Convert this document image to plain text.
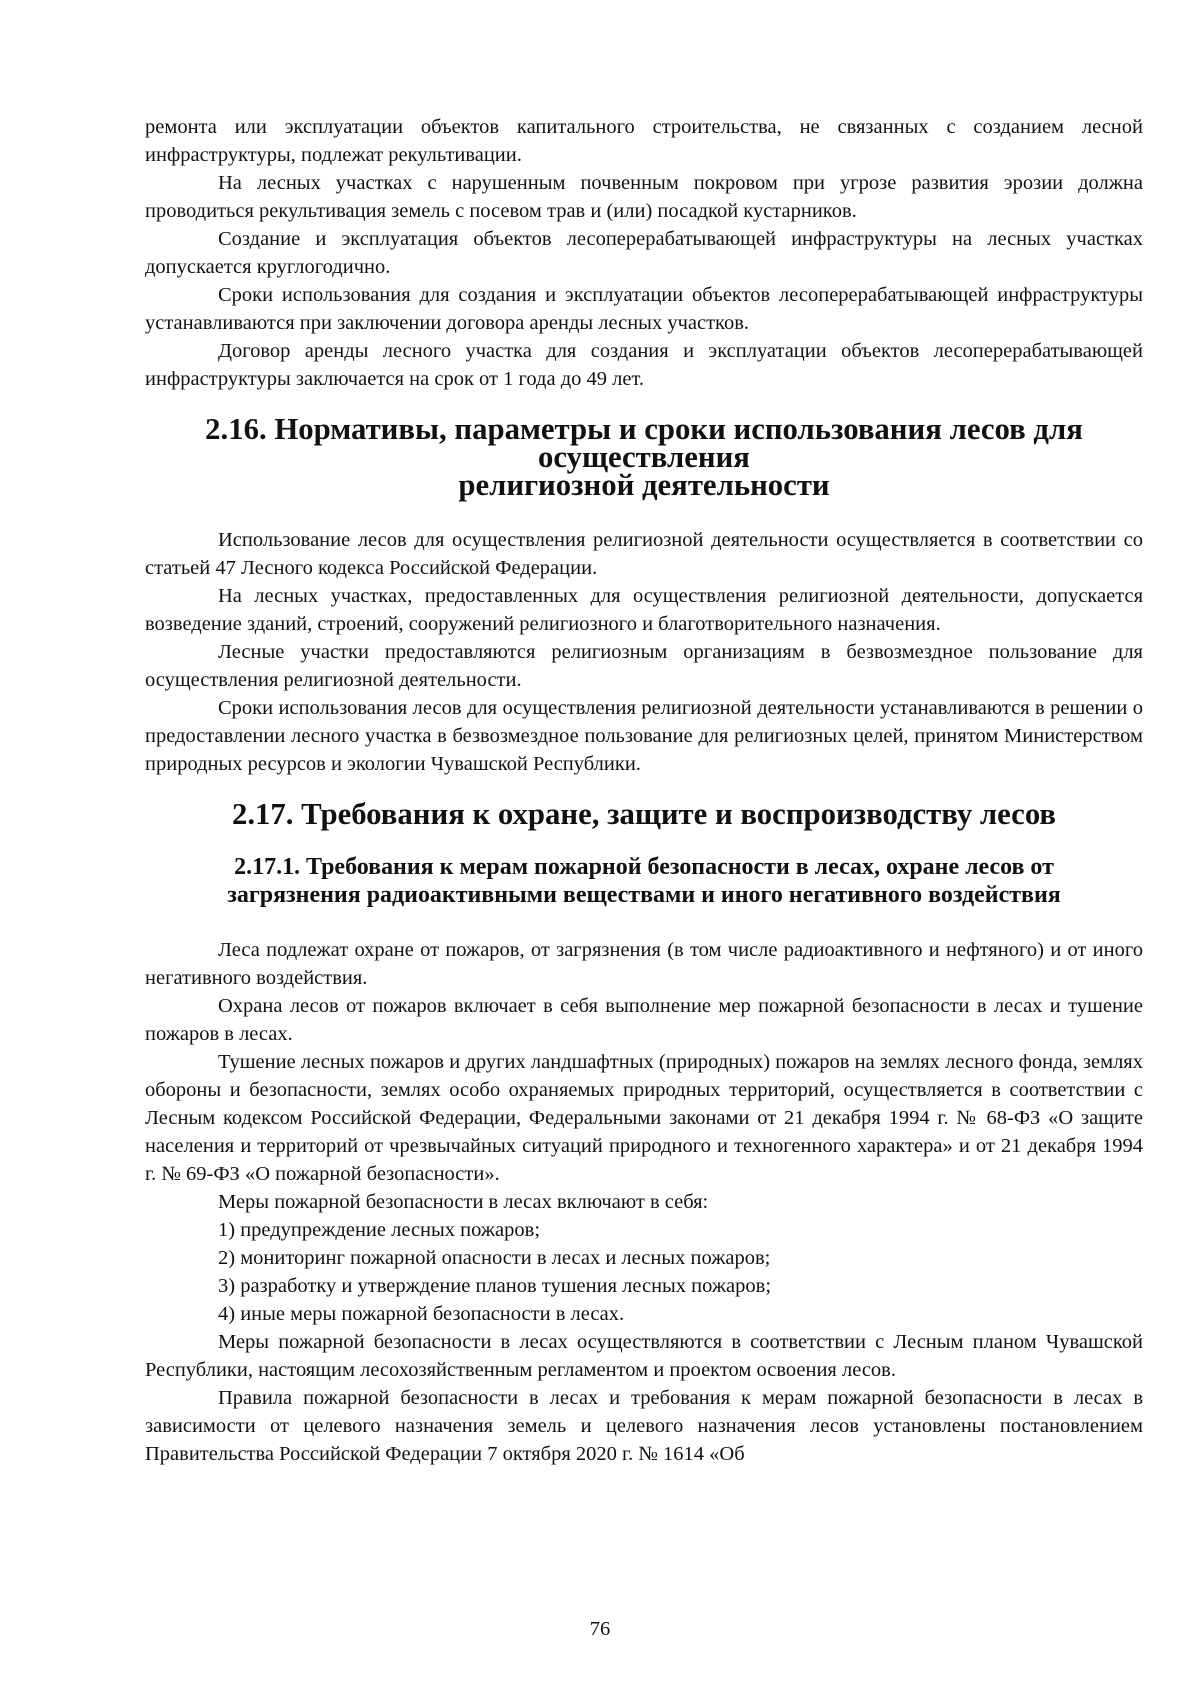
ремонта или эксплуатации объектов капитального строительства, не связанных с созданием лесной инфраструктуры, подлежат рекультивации.

На лесных участках с нарушенным почвенным покровом при угрозе развития эрозии должна проводиться рекультивация земель с посевом трав и (или) посадкой кустарников.

Создание и эксплуатация объектов лесоперерабатывающей инфраструктуры на лесных участках допускается круглогодично.

Сроки использования для создания и эксплуатации объектов лесоперерабатывающей инфраструктуры устанавливаются при заключении договора аренды лесных участков.

Договор аренды лесного участка для создания и эксплуатации объектов лесоперерабатывающей инфраструктуры заключается на срок от 1 года до 49 лет.

2.16. Нормативы, параметры и сроки использования лесов для осуществления
религиозной деятельности

Использование лесов для осуществления религиозной деятельности осуществляется в соответствии со статьей 47 Лесного кодекса Российской Федерации.

На лесных участках, предоставленных для осуществления религиозной деятельности, допускается возведение зданий, строений, сооружений религиозного и благотворительного назначения.

Лесные участки предоставляются религиозным организациям в безвозмездное пользование для осуществления религиозной деятельности.

Сроки использования лесов для осуществления религиозной деятельности устанавливаются в решении о предоставлении лесного участка в безвозмездное пользование для религиозных целей, принятом Министерством природных ресурсов и экологии Чувашской Республики.

2.17. Требования к охране, защите и воспроизводству лесов
2.17.1. Требования к мерам пожарной безопасности в лесах, охране лесов от
загрязнения радиоактивными веществами и иного негативного воздействия

Леса подлежат охране от пожаров, от загрязнения (в том числе радиоактивного и нефтяного) и от иного негативного воздействия.

Охрана лесов от пожаров включает в себя выполнение мер пожарной безопасности в лесах и тушение пожаров в лесах.

Тушение лесных пожаров и других ландшафтных (природных) пожаров на землях лесного фонда, землях обороны и безопасности, землях особо охраняемых природных территорий, осуществляется в соответствии с Лесным кодексом Российской Федерации, Федеральными законами от 21 декабря 1994 г. № 68-ФЗ «О защите населения и территорий от чрезвычайных ситуаций природного и техногенного характера» и от 21 декабря 1994 г. № 69-ФЗ «О пожарной безопасности».

Меры пожарной безопасности в лесах включают в себя:

1) предупреждение лесных пожаров;

2) мониторинг пожарной опасности в лесах и лесных пожаров;

3) разработку и утверждение планов тушения лесных пожаров;

4) иные меры пожарной безопасности в лесах.

Меры пожарной безопасности в лесах осуществляются в соответствии с Лесным планом Чувашской Республики, настоящим лесохозяйственным регламентом и проектом освоения лесов.

Правила пожарной безопасности в лесах и требования к мерам пожарной безопасности в лесах в зависимости от целевого назначения земель и целевого назначения лесов установлены постановлением Правительства Российской Федерации 7 октября 2020 г. № 1614 «Об

76
